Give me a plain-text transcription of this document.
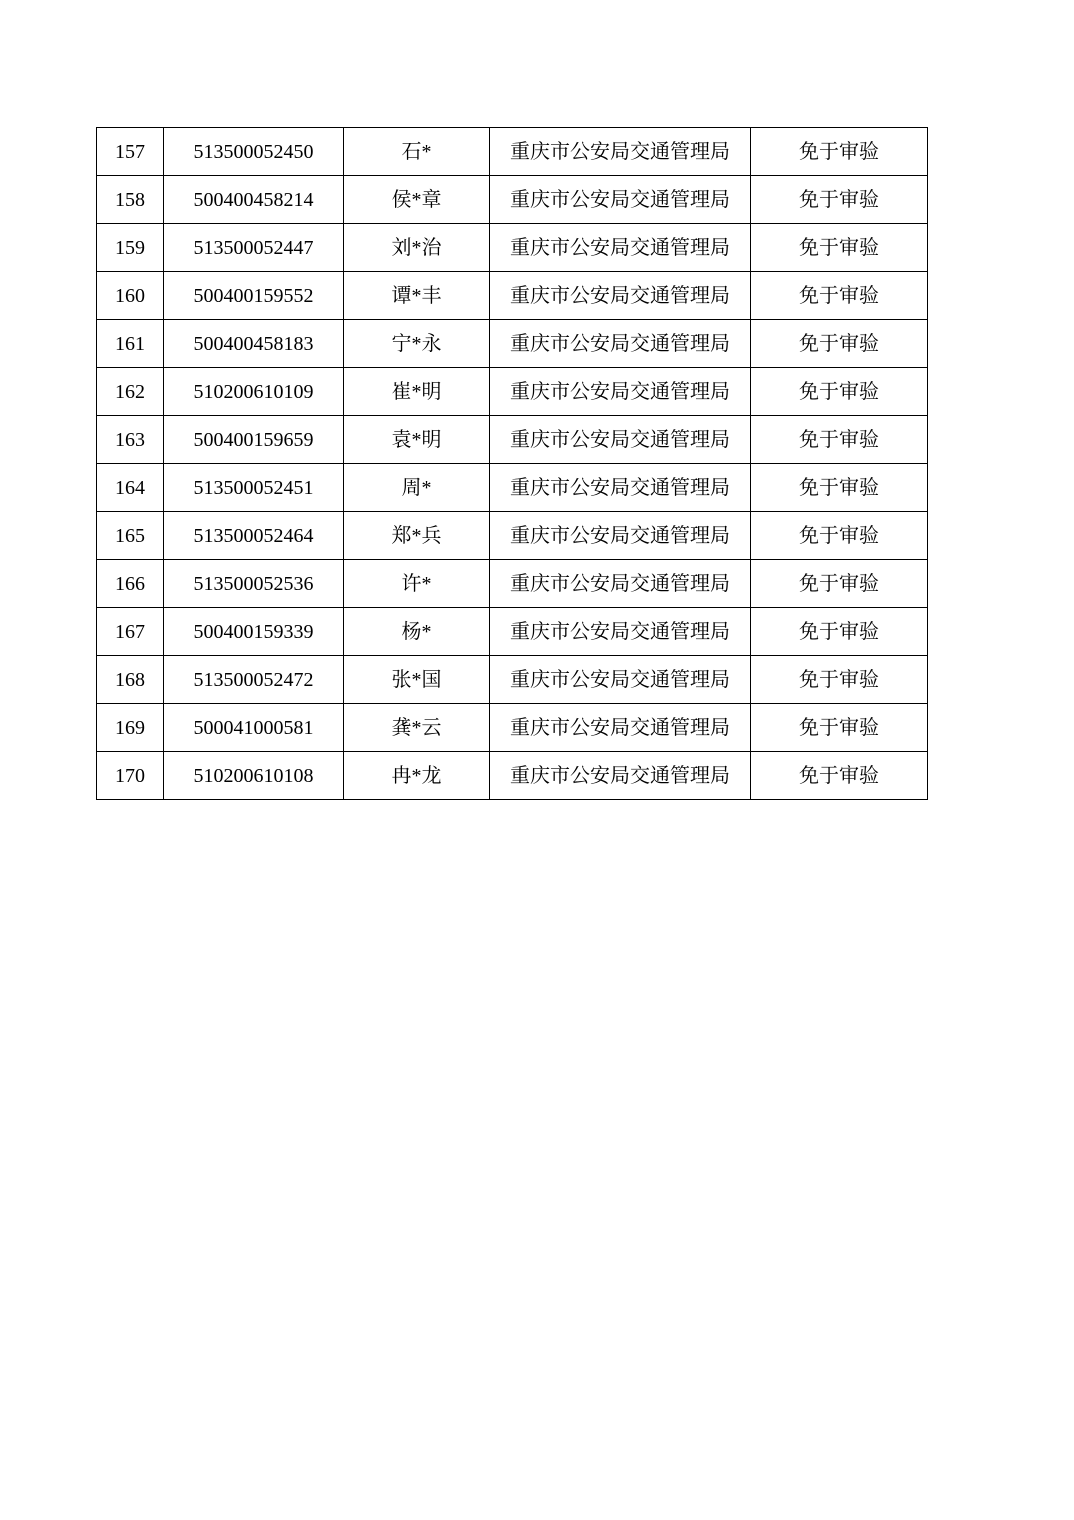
157	513500052450	石*	重庆市公安局交通管理局	免于审验
158	500400458214	侯*章	重庆市公安局交通管理局	免于审验
159	513500052447	刘*治	重庆市公安局交通管理局	免于审验
160	500400159552	谭*丰	重庆市公安局交通管理局	免于审验
161	500400458183	宁*永	重庆市公安局交通管理局	免于审验
162	510200610109	崔*明	重庆市公安局交通管理局	免于审验
163	500400159659	袁*明	重庆市公安局交通管理局	免于审验
164	513500052451	周*	重庆市公安局交通管理局	免于审验
165	513500052464	郑*兵	重庆市公安局交通管理局	免于审验
166	513500052536	许*	重庆市公安局交通管理局	免于审验
167	500400159339	杨*	重庆市公安局交通管理局	免于审验
168	513500052472	张*国	重庆市公安局交通管理局	免于审验
169	500041000581	龚*云	重庆市公安局交通管理局	免于审验
170	510200610108	冉*龙	重庆市公安局交通管理局	免于审验
